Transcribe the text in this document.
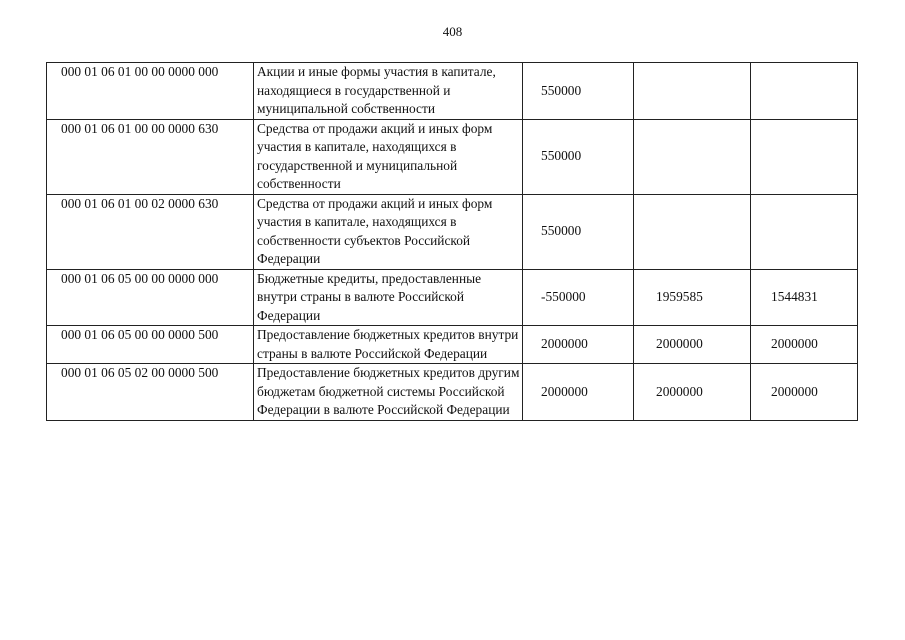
408
000 01 06 01 00 00 0000 000	Акции и иные формы участия в капитале, находящиеся в государственной и муниципальной собственности	550000		
000 01 06 01 00 00 0000 630	Средства от продажи акций и иных форм участия в капитале, находящихся в государственной и муниципальной собственности	550000		
000 01 06 01 00 02 0000 630	Средства от продажи акций и иных форм участия в капитале, находящихся в собственности субъектов Российской Федерации	550000		
000 01 06 05 00 00 0000 000	Бюджетные кредиты, предоставленные внутри страны в валюте Российской Федерации	-550000	1959585	1544831
000 01 06 05 00 00 0000 500	Предоставление бюджетных кредитов внутри страны в валюте Российской Федерации	2000000	2000000	2000000
000 01 06 05 02 00 0000 500	Предоставление бюджетных кредитов другим бюджетам бюджетной системы Российской Федерации в валюте Российской Федерации	2000000	2000000	2000000
